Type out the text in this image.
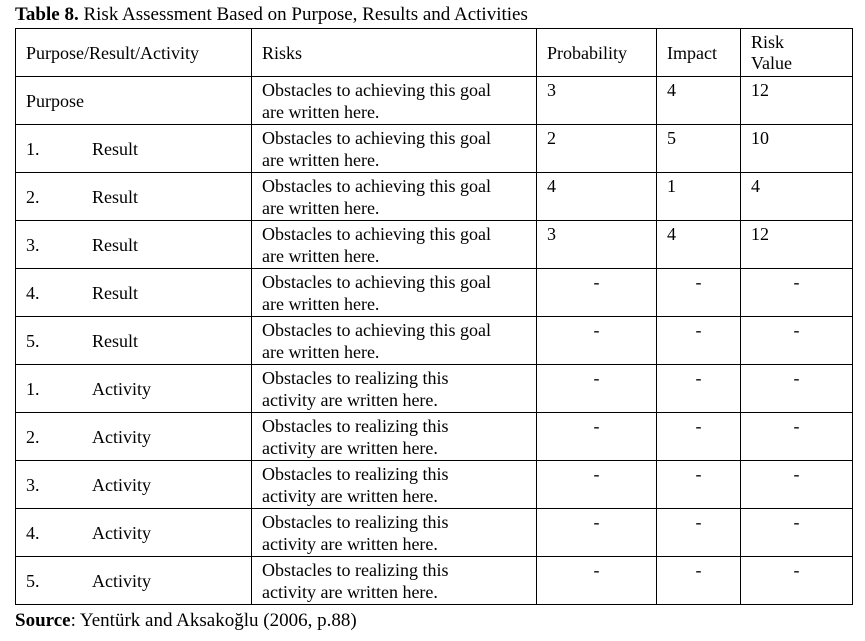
Table 8. Risk Assessment Based on Purpose, Results and Activities
Purpose/Result/Activity	Risks	Probability	Impact	Risk
Value
Purpose	Obstacles to achieving this goal
are written here.	3	4	12
1. Result	Obstacles to achieving this goal
are written here.	2	5	10
2. Result	Obstacles to achieving this goal
are written here.	4	1	4
3. Result	Obstacles to achieving this goal
are written here.	3	4	12
4. Result	Obstacles to achieving this goal
are written here.	-	-	-
5. Result	Obstacles to achieving this goal
are written here.	-	-	-
1. Activity	Obstacles to realizing this
activity are written here.	-	-	-
2. Activity	Obstacles to realizing this
activity are written here.	-	-	-
3. Activity	Obstacles to realizing this
activity are written here.	-	-	-
4. Activity	Obstacles to realizing this
activity are written here.	-	-	-
5. Activity	Obstacles to realizing this
activity are written here.	-	-	-
Source: Yentürk and Aksakoğlu (2006, p.88)
